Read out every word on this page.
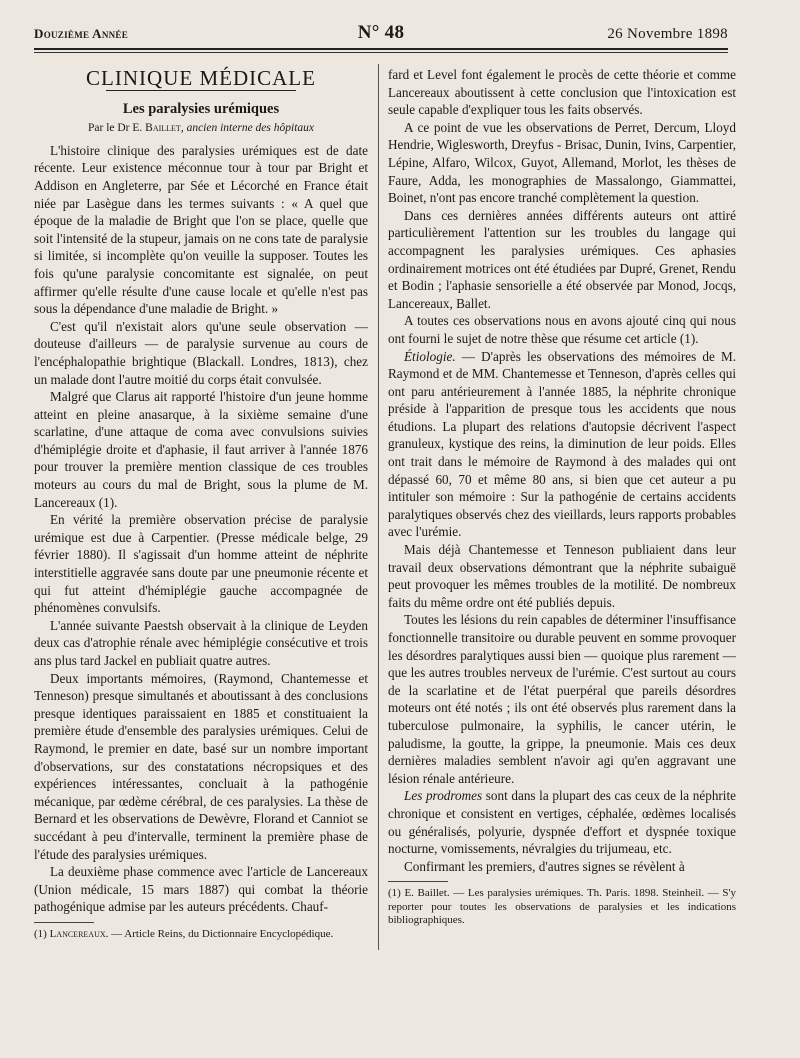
Douzième Année	N° 48	26 Novembre 1898
CLINIQUE MÉDICALE
Les paralysies urémiques
Par le Dr E. Baillet, ancien interne des hôpitaux

L'histoire clinique des paralysies urémiques est de date récente. Leur existence méconnue tour à tour par Bright et Addison en Angleterre, par Sée et Lécorché en France était niée par Lasègue dans les termes suivants : « A quel que époque de la maladie de Bright que l'on se place, quelle que soit l'intensité de la stupeur, jamais on ne cons tate de paralysie si limitée, si incomplète qu'on veuille la supposer. Toutes les fois qu'une paralysie concomitante est signalée, on peut affirmer qu'elle résulte d'une cause locale et qu'elle n'est pas sous la dépendance d'une maladie de Bright. »

C'est qu'il n'existait alors qu'une seule observation — douteuse d'ailleurs — de paralysie survenue au cours de l'encéphalopathie brightique (Blackall. Londres, 1813), chez un malade dont l'autre moitié du corps était convulsée.

Malgré que Clarus ait rapporté l'histoire d'un jeune homme atteint en pleine anasarque, à la sixième semaine d'une scarlatine, d'une attaque de coma avec convulsions suivies d'hémiplégie droite et d'aphasie, il faut arriver à l'année 1876 pour trouver la première mention classique de ces troubles moteurs au cours du mal de Bright, sous la plume de M. Lancereaux (1).

En vérité la première observation précise de paralysie urémique est due à Carpentier. (Presse médicale belge, 29 février 1880). Il s'agissait d'un homme atteint de néphrite interstitielle aggravée sans doute par une pneumonie récente et qui fut atteint d'hémiplégie gauche accompagnée de phénomènes convulsifs.

L'année suivante Paestsh observait à la clinique de Leyden deux cas d'atrophie rénale avec hémiplégie consécutive et trois ans plus tard Jackel en publiait quatre autres.

Deux importants mémoires, (Raymond, Chantemesse et Tenneson) presque simultanés et aboutissant à des conclusions presque identiques paraissaient en 1885 et constituaient la première étude d'ensemble des paralysies urémiques. Celui de Raymond, le premier en date, basé sur un nombre important d'observations, sur des constatations nécropsiques et des expériences intéressantes, concluait à la pathogénie mécanique, par œdème cérébral, de ces paralysies. La thèse de Bernard et les observations de Dewèvre, Florand et Canniot se succédant à peu d'intervalle, terminent la première phase de l'étude des paralysies urémiques.

La deuxième phase commence avec l'article de Lancereaux (Union médicale, 15 mars 1887) qui combat la théorie pathogénique admise par les auteurs précédents. Chauf-

(1) Lancereaux. — Article Reins, du Dictionnaire Encyclopédique.

fard et Level font également le procès de cette théorie et comme Lancereaux aboutissent à cette conclusion que l'intoxication est seule capable d'expliquer tous les faits observés.

A ce point de vue les observations de Perret, Dercum, Lloyd Hendrie, Wiglesworth, Dreyfus - Brisac, Dunin, Ivins, Carpentier, Lépine, Alfaro, Wilcox, Guyot, Allemand, Morlot, les thèses de Faure, Adda, les monographies de Massalongo, Giammattei, Boinet, n'ont pas encore tranché complètement la question.

Dans ces dernières années différents auteurs ont attiré particulièrement l'attention sur les troubles du langage qui accompagnent les paralysies urémiques. Ces aphasies ordinairement motrices ont été étudiées par Dupré, Grenet, Rendu et Bodin ; l'aphasie sensorielle a été observée par Monod, Jocqs, Lancereaux, Ballet.

A toutes ces observations nous en avons ajouté cinq qui nous ont fourni le sujet de notre thèse que résume cet article (1).

Étiologie. — D'après les observations des mémoires de M. Raymond et de MM. Chantemesse et Tenneson, d'après celles qui ont paru antérieurement à l'année 1885, la néphrite chronique préside à l'apparition de presque tous les accidents que nous étudions. La plupart des relations d'autopsie décrivent l'aspect granuleux, kystique des reins, la diminution de leur poids. Elles ont trait dans le mémoire de Raymond à des malades qui ont dépassé 60, 70 et même 80 ans, si bien que cet auteur a pu intituler son mémoire : Sur la pathogénie de certains accidents paralytiques observés chez des vieillards, leurs rapports probables avec l'urémie.

Mais déjà Chantemesse et Tenneson publiaient dans leur travail deux observations démontrant que la néphrite subaiguë peut provoquer les mêmes troubles de la motilité. De nombreux faits du même ordre ont été publiés depuis.

Toutes les lésions du rein capables de déterminer l'insuffisance fonctionnelle transitoire ou durable peuvent en somme provoquer les désordres paralytiques aussi bien — quoique plus rarement — que les autres troubles nerveux de l'urémie. C'est surtout au cours de la scarlatine et de l'état puerpéral que pareils désordres moteurs ont été notés ; ils ont été observés plus rarement dans la tuberculose pulmonaire, la syphilis, le cancer utérin, le paludisme, la goutte, la grippe, la pneumonie. Mais ces deux dernières maladies semblent n'avoir agi qu'en aggravant une lésion rénale antérieure.

Les prodromes sont dans la plupart des cas ceux de la néphrite chronique et consistent en vertiges, céphalée, œdèmes localisés ou généralisés, polyurie, dyspnée d'effort et dyspnée toxique nocturne, vomissements, névralgies du trijumeau, etc.

Confirmant les premiers, d'autres signes se révèlent à

(1) E. Baillet. — Les paralysies urémiques. Th. Paris. 1898. Steinheil. — S'y reporter pour toutes les observations de paralysies et les indications bibliographiques.
